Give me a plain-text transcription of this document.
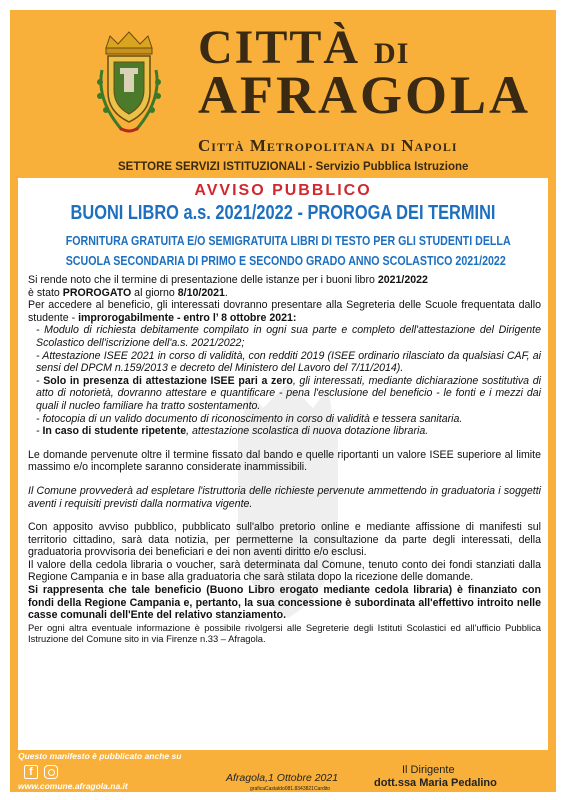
CITTÀ DI
AFRAGOLA
Città Metropolitana di Napoli
SETTORE SERVIZI ISTITUZIONALI - Servizio Pubblica Istruzione
AVVISO PUBBLICO
BUONI LIBRO a.s. 2021/2022 - PROROGA DEI TERMINI
FORNITURA GRATUITA E/O SEMIGRATUITA LIBRI DI TESTO PER GLI STUDENTI DELLA
SCUOLA SECONDARIA DI PRIMO E SECONDO GRADO ANNO SCOLASTICO 2021/2022

Si rende noto che il termine di presentazione delle istanze per i buoni libro 2021/2022
è stato PROROGATO al giorno 8/10/2021.

Per accedere al beneficio, gli interessati dovranno presentare alla Segreteria delle Scuole frequentata dallo studente - improrogabilmente - entro l’ 8 ottobre 2021:

- Modulo di richiesta debitamente compilato in ogni sua parte e completo dell'attestazione del Dirigente Scolastico dell'iscrizione dell'a.s. 2021/2022;

- Attestazione ISEE 2021 in corso di validità, con redditi 2019 (ISEE ordinario rilasciato da qualsiasi CAF, ai sensi del DPCM n.159/2013 e decreto del Ministero del Lavoro del 7/11/2014).

- Solo in presenza di attestazione ISEE pari a zero, gli interessati, mediante dichiarazione sostitutiva di atto di notorietà, dovranno attestare e quantificare - pena l'esclusione del beneficio - le fonti e i mezzi dai quali il nucleo familiare ha tratto sostentamento.

- fotocopia di un valido documento di riconoscimento in corso di validità e tessera sanitaria.

- In caso di studente ripetente, attestazione scolastica di nuova dotazione libraria.

Le domande pervenute oltre il termine fissato dal bando e quelle riportanti un valore ISEE superiore al limite massimo e/o incomplete saranno considerate inammissibili.

Il Comune provvederà ad espletare l'istruttoria delle richieste pervenute ammettendo in graduatoria i soggetti aventi i requisiti previsti dalla normativa vigente.

Con apposito avviso pubblico, pubblicato sull'albo pretorio online e mediante affissione di manifesti sul territorio cittadino, sarà data notizia, per permetterne la consultazione da parte degli interessati, della graduatoria provvisoria dei beneficiari e dei non aventi diritto e/o esclusi.

Il valore della cedola libraria o voucher, sarà determinata dal Comune, tenuto conto dei fondi stanziati dalla Regione Campania e in base alla graduatoria che sarà stilata dopo la ricezione delle domande.

Si rappresenta che tale beneficio (Buono Libro erogato mediante cedola libraria) è finanziato con fondi della Regione Campania e, pertanto, la sua concessione è subordinata all'effettivo introito nelle casse comunali dell'Ente del relativo stanziamento.

Per ogni altra eventuale informazione è possibile rivolgersi alle Segreterie degli Istituti Scolastici ed all'ufficio Pubblica Istruzione del Comune sito in via Firenze n.33 – Afragola.

Questo manifesto è pubblicato anche su
f
www.comune.afragola.na.it
Afragola,1 Ottobre 2021
graficaCastaldo081.8343821Cardito
Il Dirigente
dott.ssa Maria Pedalino
